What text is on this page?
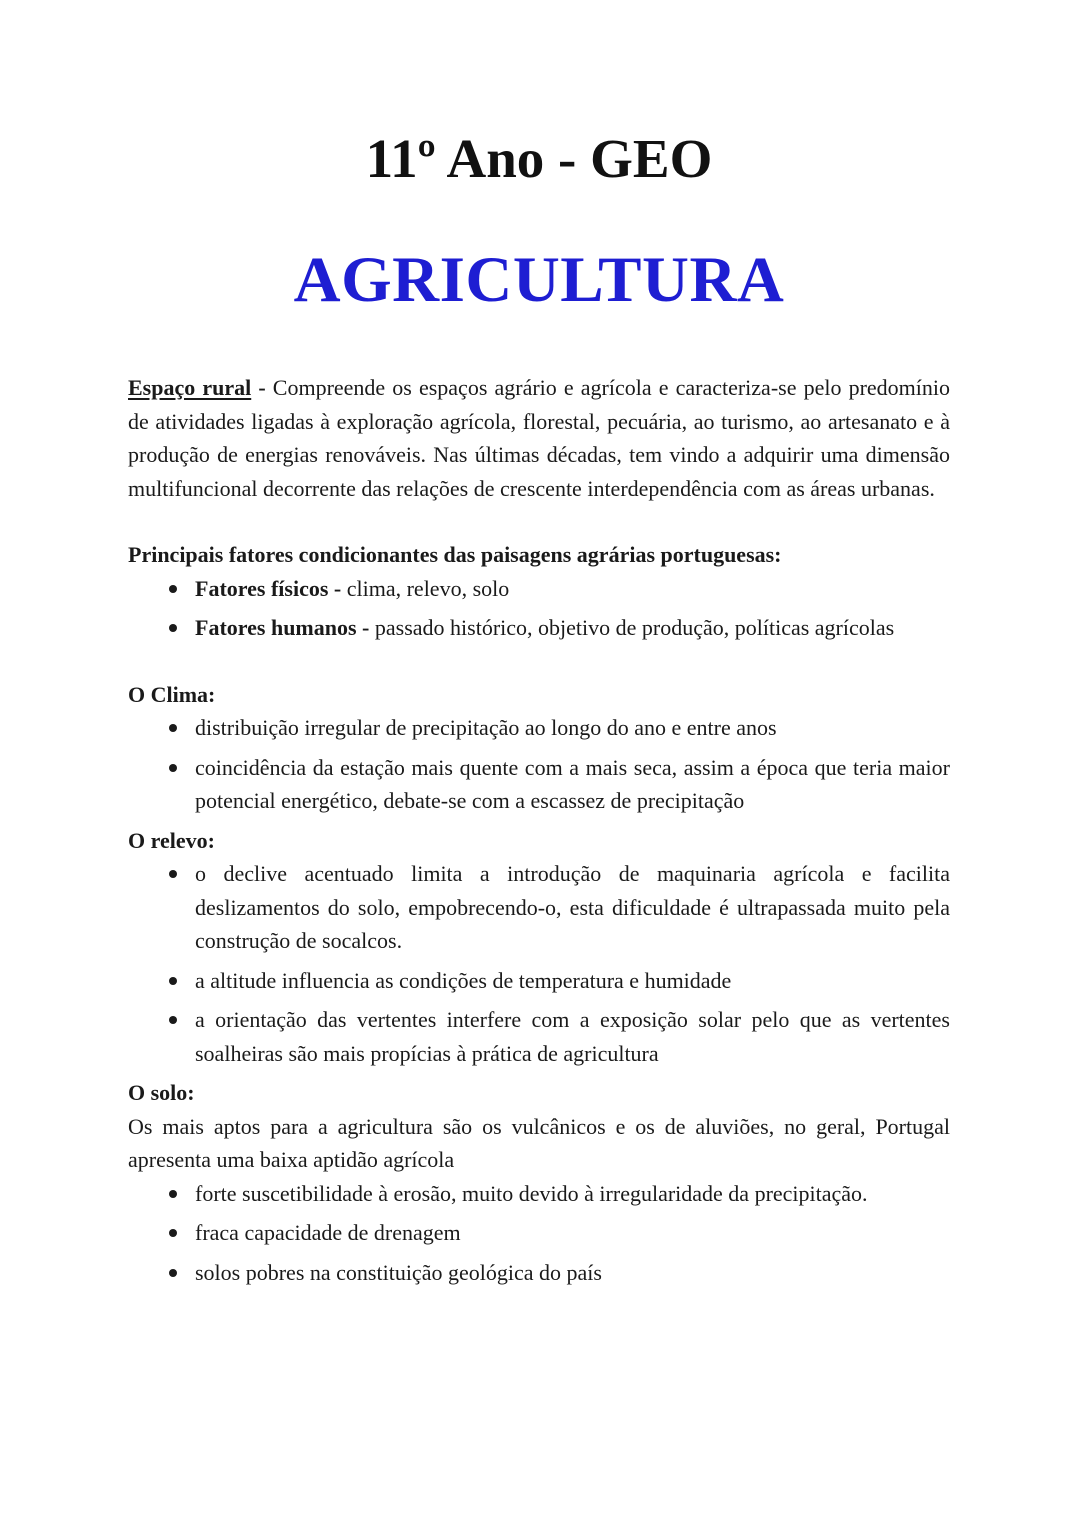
11º Ano - GEO
AGRICULTURA

Espaço rural - Compreende os espaços agrário e agrícola e caracteriza-se pelo predomínio de atividades ligadas à exploração agrícola, florestal, pecuária, ao turismo, ao artesanato e à produção de energias renováveis. Nas últimas décadas, tem vindo a adquirir uma dimensão multifuncional decorrente das relações de crescente interdependência com as áreas urbanas.

Principais fatores condicionantes das paisagens agrárias portuguesas:
Fatores físicos - clima, relevo, solo
Fatores humanos - passado histórico, objetivo de produção, políticas agrícolas
O Clima:
distribuição irregular de precipitação ao longo do ano e entre anos
coincidência da estação mais quente com a mais seca, assim a época que teria maior potencial energético, debate-se com a escassez de precipitação
O relevo:
o declive acentuado limita a introdução de maquinaria agrícola e facilita deslizamentos do solo, empobrecendo-o, esta dificuldade é ultrapassada muito pela construção de socalcos.
a altitude influencia as condições de temperatura e humidade
a orientação das vertentes interfere com a exposição solar pelo que as vertentes soalheiras são mais propícias à prática de agricultura
O solo:

Os mais aptos para a agricultura são os vulcânicos e os de aluviões, no geral, Portugal apresenta uma baixa aptidão agrícola

forte suscetibilidade à erosão, muito devido à irregularidade da precipitação.
fraca capacidade de drenagem
solos pobres na constituição geológica do país
